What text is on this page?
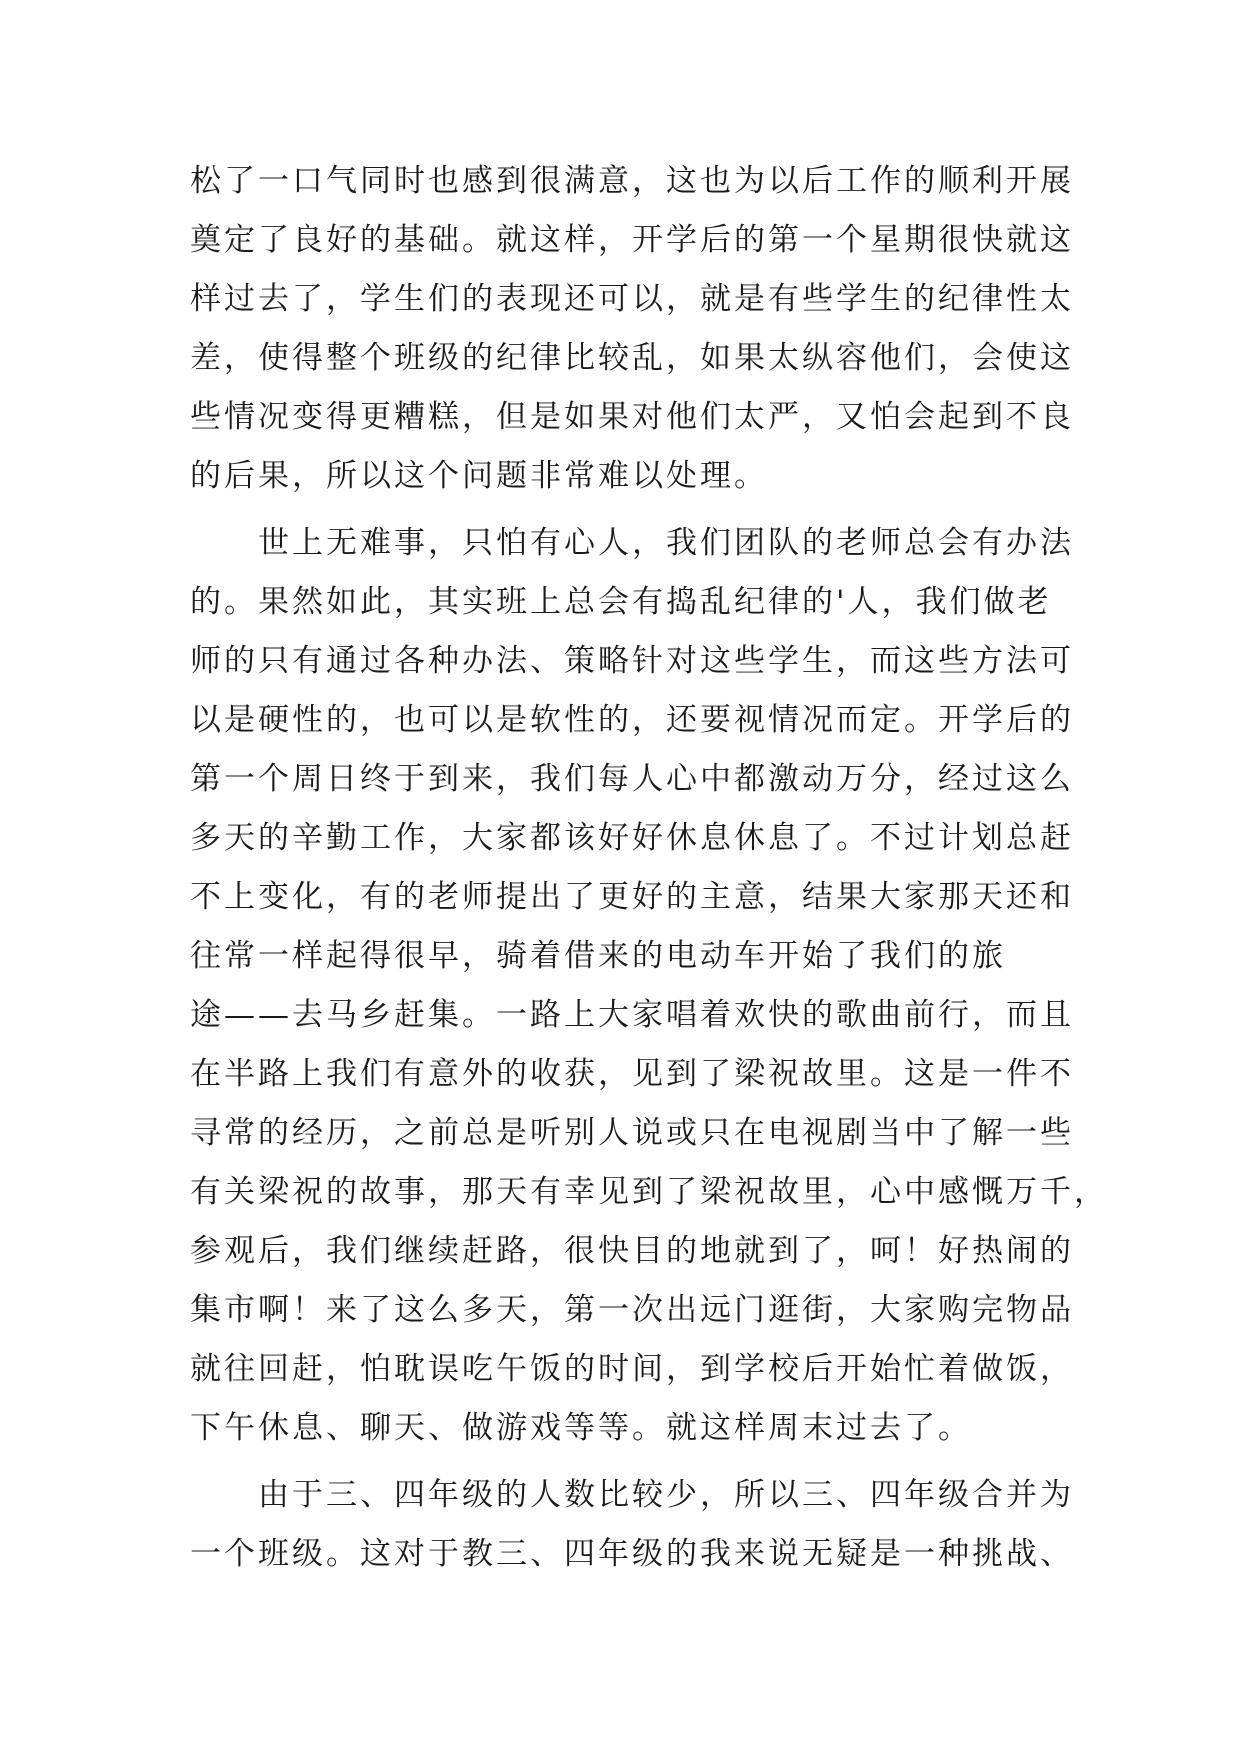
松了一口气同时也感到很满意，这也为以后工作的顺利开展
奠定了良好的基础。就这样，开学后的第一个星期很快就这
样过去了，学生们的表现还可以，就是有些学生的纪律性太
差，使得整个班级的纪律比较乱，如果太纵容他们，会使这
些情况变得更糟糕，但是如果对他们太严，又怕会起到不良
的后果，所以这个问题非常难以处理。
　　世上无难事，只怕有心人，我们团队的老师总会有办法
的。果然如此，其实班上总会有捣乱纪律的'人，我们做老
师的只有通过各种办法、策略针对这些学生，而这些方法可
以是硬性的，也可以是软性的，还要视情况而定。开学后的
第一个周日终于到来，我们每人心中都激动万分，经过这么
多天的辛勤工作，大家都该好好休息休息了。不过计划总赶
不上变化，有的老师提出了更好的主意，结果大家那天还和
往常一样起得很早，骑着借来的电动车开始了我们的旅
途——去马乡赶集。一路上大家唱着欢快的歌曲前行，而且
在半路上我们有意外的收获，见到了梁祝故里。这是一件不
寻常的经历，之前总是听别人说或只在电视剧当中了解一些
有关梁祝的故事，那天有幸见到了梁祝故里，心中感慨万千，
参观后，我们继续赶路，很快目的地就到了，呵！好热闹的
集市啊！来了这么多天，第一次出远门逛街，大家购完物品
就往回赶，怕耽误吃午饭的时间，到学校后开始忙着做饭，
下午休息、聊天、做游戏等等。就这样周末过去了。
　　由于三、四年级的人数比较少，所以三、四年级合并为
一个班级。这对于教三、四年级的我来说无疑是一种挑战、
